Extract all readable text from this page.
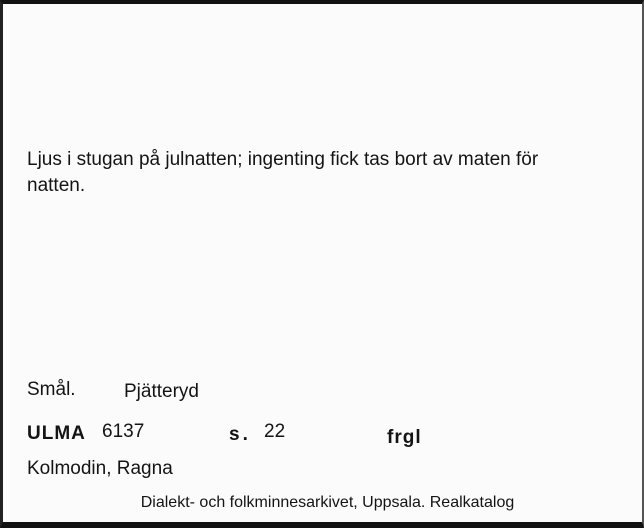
Ljus i stugan på julnatten; ingenting fick tas bort av maten för natten.

Smål.	Pjätteryd
ULMA 6137	s. 22	frgl
Kolmodin, Ragna
Dialekt- och folkminnesarkivet, Uppsala. Realkatalog
